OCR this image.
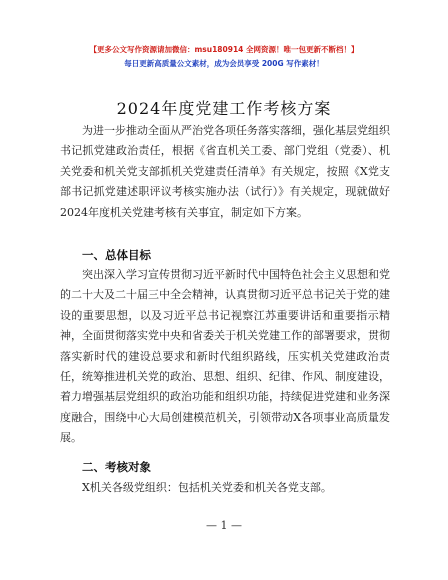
【更多公文写作资源请加微信：msu180914 全网资源！唯一包更新不断档！】
每日更新高质量公文素材，成为会员享受 200G 写作素材！
2024年度党建工作考核方案

为进一步推动全面从严治党各项任务落实落细，强化基层党组织书记抓党建政治责任，根据《省直机关工委、部门党组（党委）、机关党委和机关党支部抓机关党建责任清单》有关规定，按照《X党支部书记抓党建述职评议考核实施办法（试行）》有关规定，现就做好2024年度机关党建考核有关事宜，制定如下方案。

一、总体目标

突出深入学习宣传贯彻习近平新时代中国特色社会主义思想和党的二十大及二十届三中全会精神，认真贯彻习近平总书记关于党的建设的重要思想，以及习近平总书记视察江苏重要讲话和重要指示精神，全面贯彻落实党中央和省委关于机关党建工作的部署要求，贯彻落实新时代的建设总要求和新时代组织路线，压实机关党建政治责任，统筹推进机关党的政治、思想、组织、纪律、作风、制度建设，着力增强基层党组织的政治功能和组织功能，持续促进党建和业务深度融合，围绕中心大局创建模范机关，引领带动X各项事业高质量发展。

二、考核对象

X机关各级党组织：包括机关党委和机关各党支部。

— 1 —
